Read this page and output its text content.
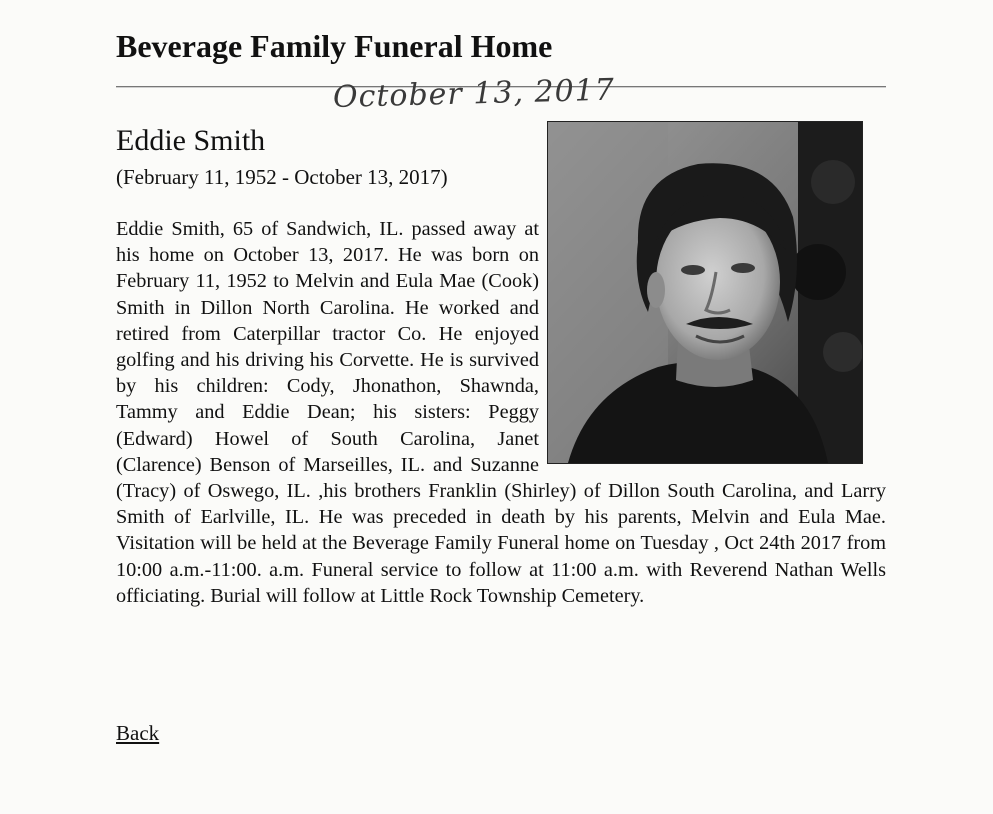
Beverage Family Funeral Home
October 13, 2017
Eddie Smith
(February 11, 1952 - October 13, 2017)
Eddie Smith, 65 of Sandwich, IL. passed away at his home on October 13, 2017. He was born on February 11, 1952 to Melvin and Eula Mae (Cook) Smith in Dillon North Carolina. He worked and retired from Caterpillar tractor Co. He enjoyed golfing and his driving his Corvette. He is survived by his children: Cody, Jhonathon, Shawnda, Tammy and Eddie Dean; his sisters: Peggy (Edward) Howel of South Carolina, Janet (Clarence) Benson of Marseilles, IL. and Suzanne (Tracy) of Oswego, IL. ,his brothers Franklin (Shirley) of Dillon South Carolina, and Larry Smith of Earlville, IL. He was preceded in death by his parents, Melvin and Eula Mae. Visitation will be held at the Beverage Family Funeral home on Tuesday , Oct 24th 2017 from 10:00 a.m.-11:00. a.m. Funeral service to follow at 11:00 a.m. with Reverend Nathan Wells officiating. Burial will follow at Little Rock Township Cemetery.
Back
